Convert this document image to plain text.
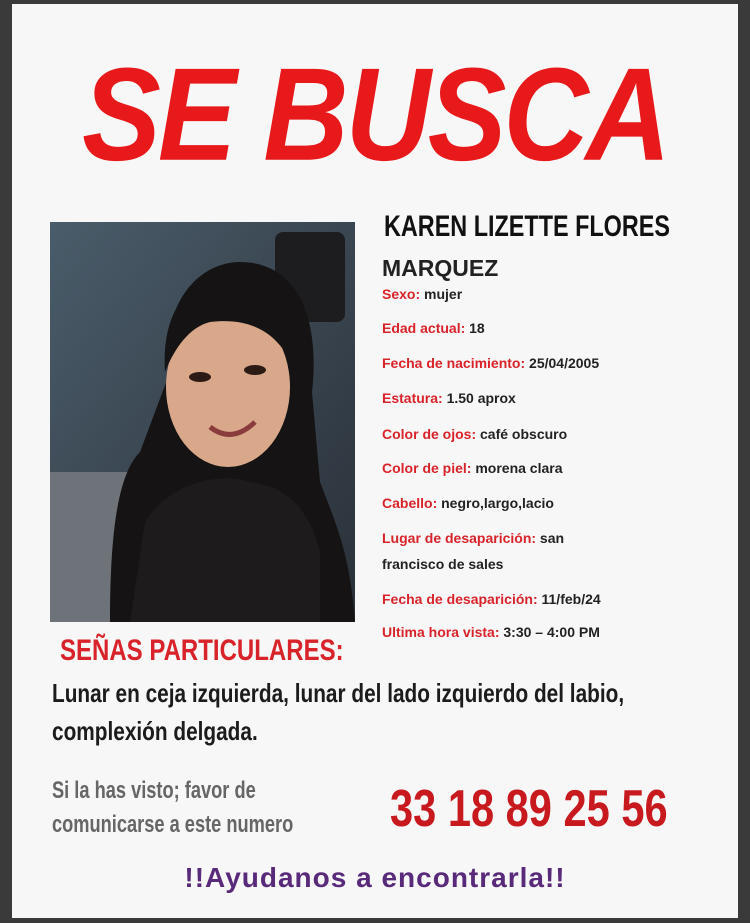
SE BUSCA
KAREN LIZETTE FLORES
MARQUEZ
Sexo: mujer
Edad actual: 18
Fecha de nacimiento: 25/04/2005
Estatura: 1.50 aprox
Color de ojos: café obscuro
Color de piel: morena clara
Cabello: negro,largo,lacio
Lugar de desaparición: san
francisco de sales
Fecha de desaparición: 11/feb/24
Ultima hora vista: 3:30 – 4:00 PM
SEÑAS PARTICULARES:
Lunar en ceja izquierda, lunar del lado izquierdo del labio, complexión delgada.
Si la has visto; favor de comunicarse a este numero	33 18 89 25 56
!!Ayudanos a encontrarla!!
